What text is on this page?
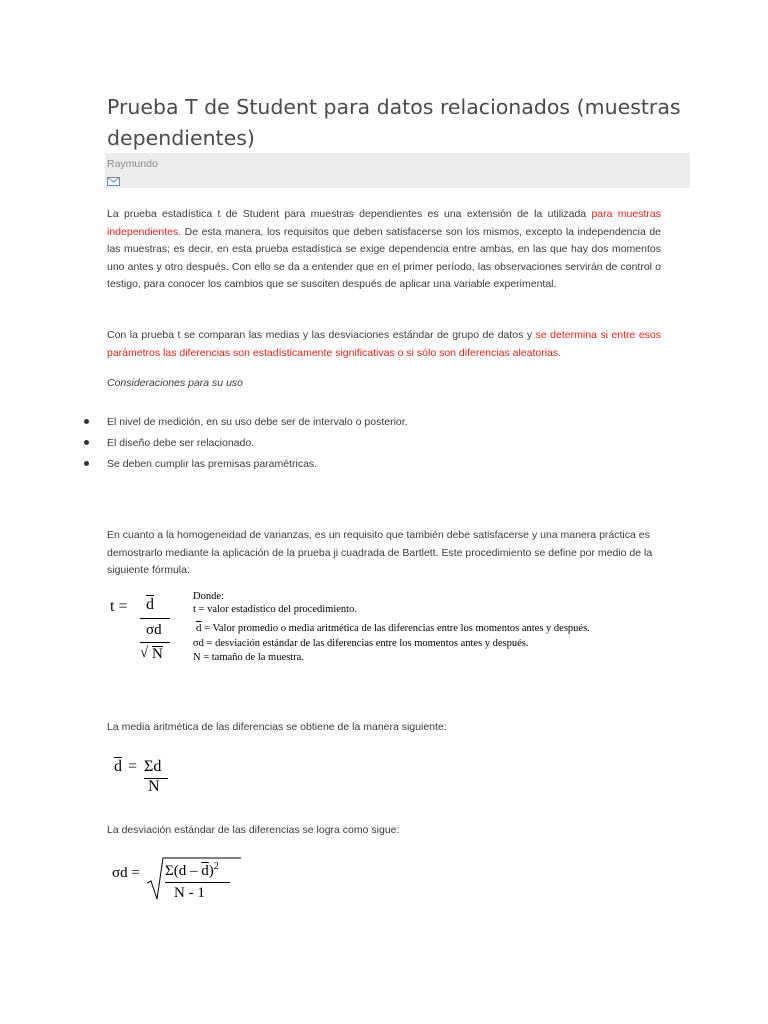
Prueba T de Student para datos relacionados (muestras dependientes)
Raymundo

La prueba estadística t de Student para muestras dependientes es una extensión de la utilizada para muestras independientes. De esta manera, los requisitos que deben satisfacerse son los mismos, excepto la independencia de las muestras; es decir, en esta prueba estadística se exige dependencia entre ambas, en las que hay dos momentos uno antes y otro después. Con ello se da a entender que en el primer período, las observaciones servirán de control o testigo, para conocer los cambios que se susciten después de aplicar una variable experimental.

Con la prueba t se comparan las medias y las desviaciones estándar de grupo de datos y se determina si entre esos parámetros las diferencias son estadísticamente significativas o si sólo son diferencias aleatorias.

Consideraciones para su uso
El nivel de medición, en su uso debe ser de intervalo o posterior.
El diseño debe ser relacionado.
Se deben cumplir las premisas paramétricas.

En cuanto a la homogeneidad de varianzas, es un requisito que también debe satisfacerse y una manera práctica es demostrarlo mediante la aplicación de la prueba ji cuadrada de Bartlett. Este procedimiento se define por medio de la siguiente fórmula:

$t = \overline{d}$
σd
√ N
Donde:
t = valor estadístico del procedimiento.
$\overline{d}$ = Valor promedio o media aritmética de las diferencias entre los momentos antes y después.
σd = desviación estándar de las diferencias entre los momentos antes y después.
N = tamaño de la muestra.

La media aritmética de las diferencias se obtiene de la manera siguiente:

$\overline{d} = \Sigma d$
N

La desviación estándar de las diferencias se logra como sigue:

$\sigma d = \Sigma(d - \overline{d})^2$
N - 1
